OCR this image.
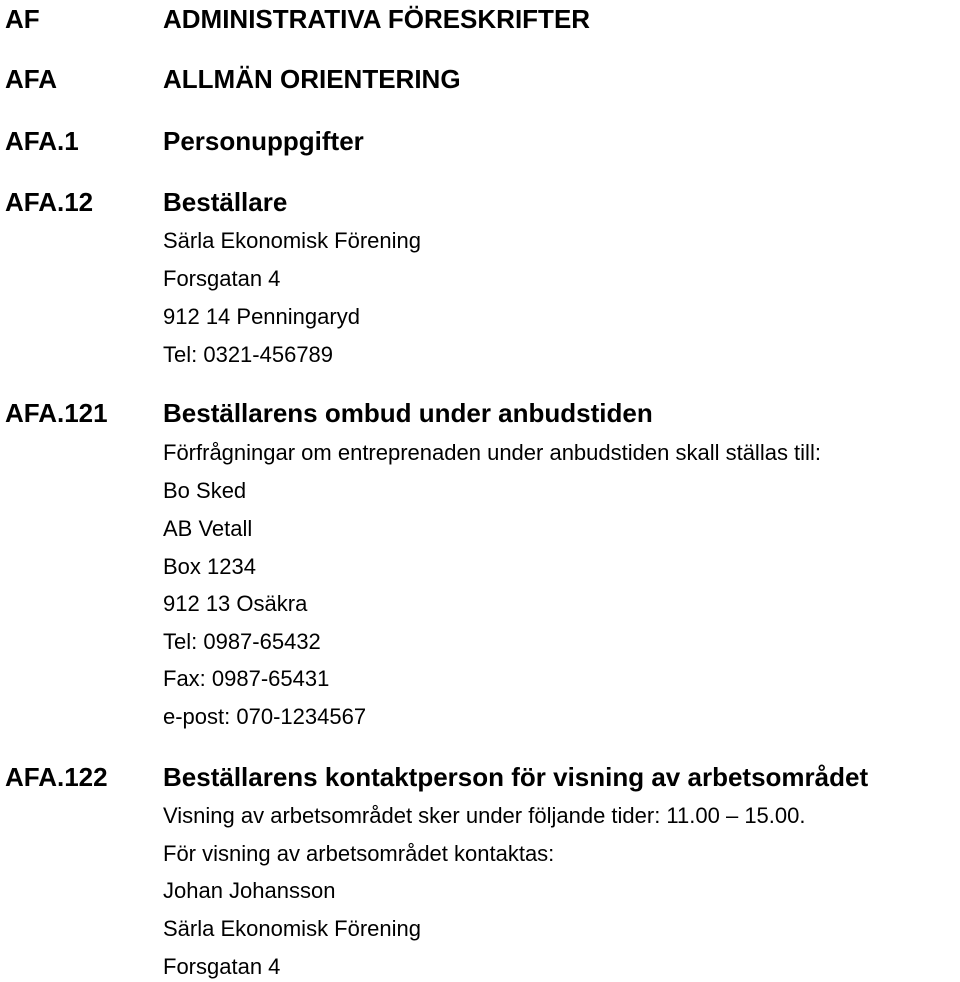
AF	ADMINISTRATIVA FÖRESKRIFTER
AFA	ALLMÄN ORIENTERING
AFA.1	Personuppgifter
AFA.12	Beställare
Särla Ekonomisk Förening
Forsgatan 4
912 14 Penningaryd
Tel: 0321-456789
AFA.121 Beställarens ombud under anbudstiden
Förfrågningar om entreprenaden under anbudstiden skall ställas till:
Bo Sked
AB Vetall
Box 1234
912 13 Osäkra
Tel: 0987-65432
Fax: 0987-65431
e-post: 070-1234567
AFA.122 Beställarens kontaktperson för visning av arbetsområdet
Visning av arbetsområdet sker under följande tider: 11.00 – 15.00.
För visning av arbetsområdet kontaktas:
Johan Johansson
Särla Ekonomisk Förening
Forsgatan 4
